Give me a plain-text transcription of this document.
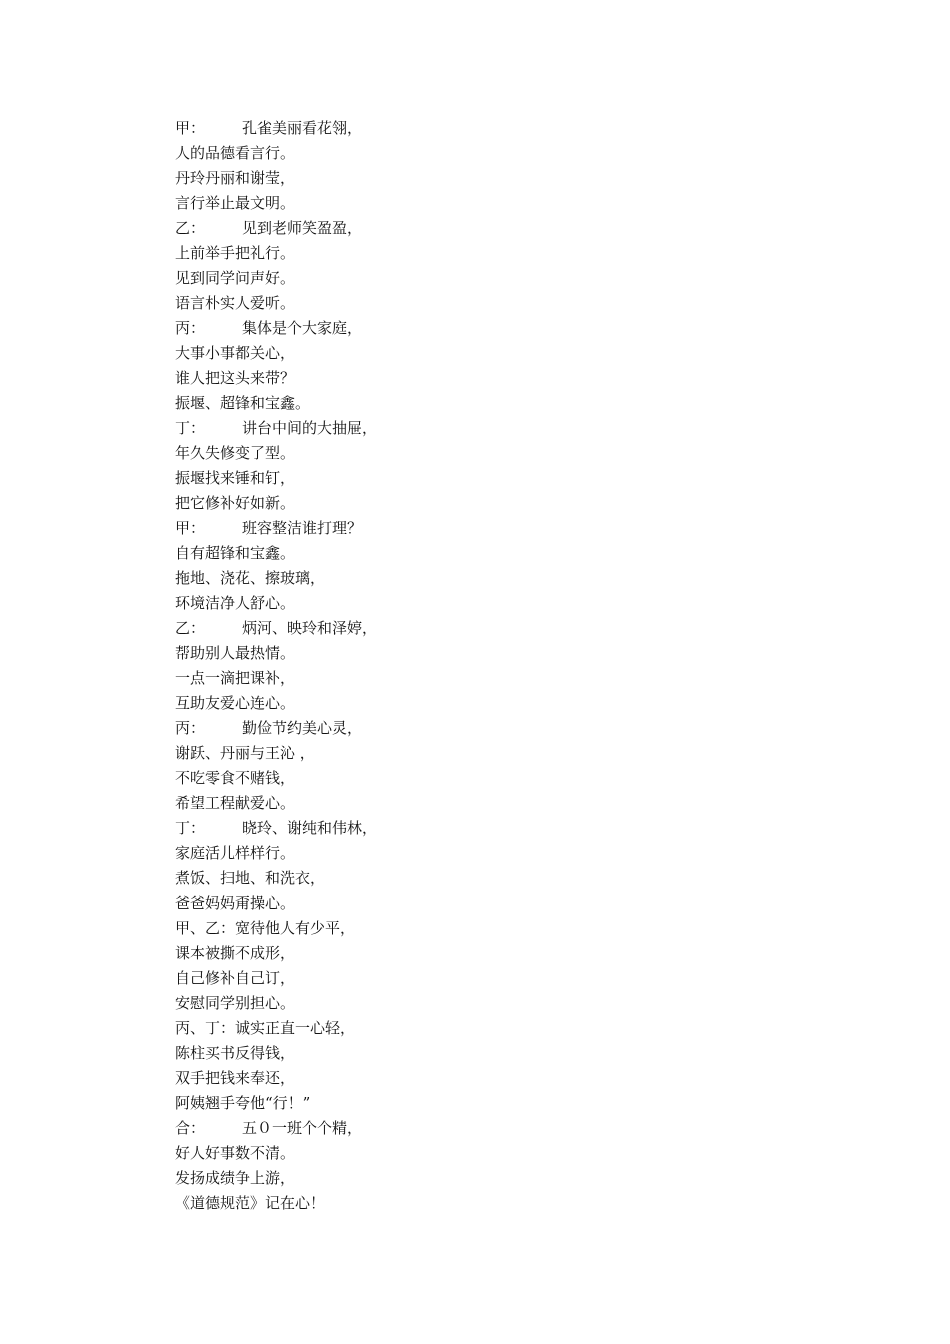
甲：	孔雀美丽看花翎，
人的品德看言行。
丹玲丹丽和谢莹，
言行举止最文明。
乙：	见到老师笑盈盈，
上前举手把礼行。
见到同学问声好。
语言朴实人爱听。
丙：	集体是个大家庭，
大事小事都关心，
谁人把这头来带？
振堰、超锋和宝鑫。
丁：	讲台中间的大抽屉，
年久失修变了型。
振堰找来锤和钉，
把它修补好如新。
甲：	班容整洁谁打理？
自有超锋和宝鑫。
拖地、浇花、擦玻璃，
环境洁净人舒心。
乙：	炳河、映玲和泽婷，
帮助别人最热情。
一点一滴把课补，
互助友爱心连心。
丙：	勤俭节约美心灵，
谢跃、丹丽与王沁 ，
不吃零食不赌钱，
希望工程献爱心。
丁：	晓玲、谢纯和伟林，
家庭活儿样样行。
煮饭、扫地、和洗衣，
爸爸妈妈甭操心。
甲、乙： 宽待他人有少平，
课本被撕不成形，
自己修补自己订，
安慰同学别担心。
丙、丁： 诚实正直一心轻，
陈柱买书反得钱，
双手把钱来奉还，
阿姨翘手夸他“行！”
合：	五０一班个个精，
好人好事数不清。
发扬成绩争上游，
《道德规范》记在心！
